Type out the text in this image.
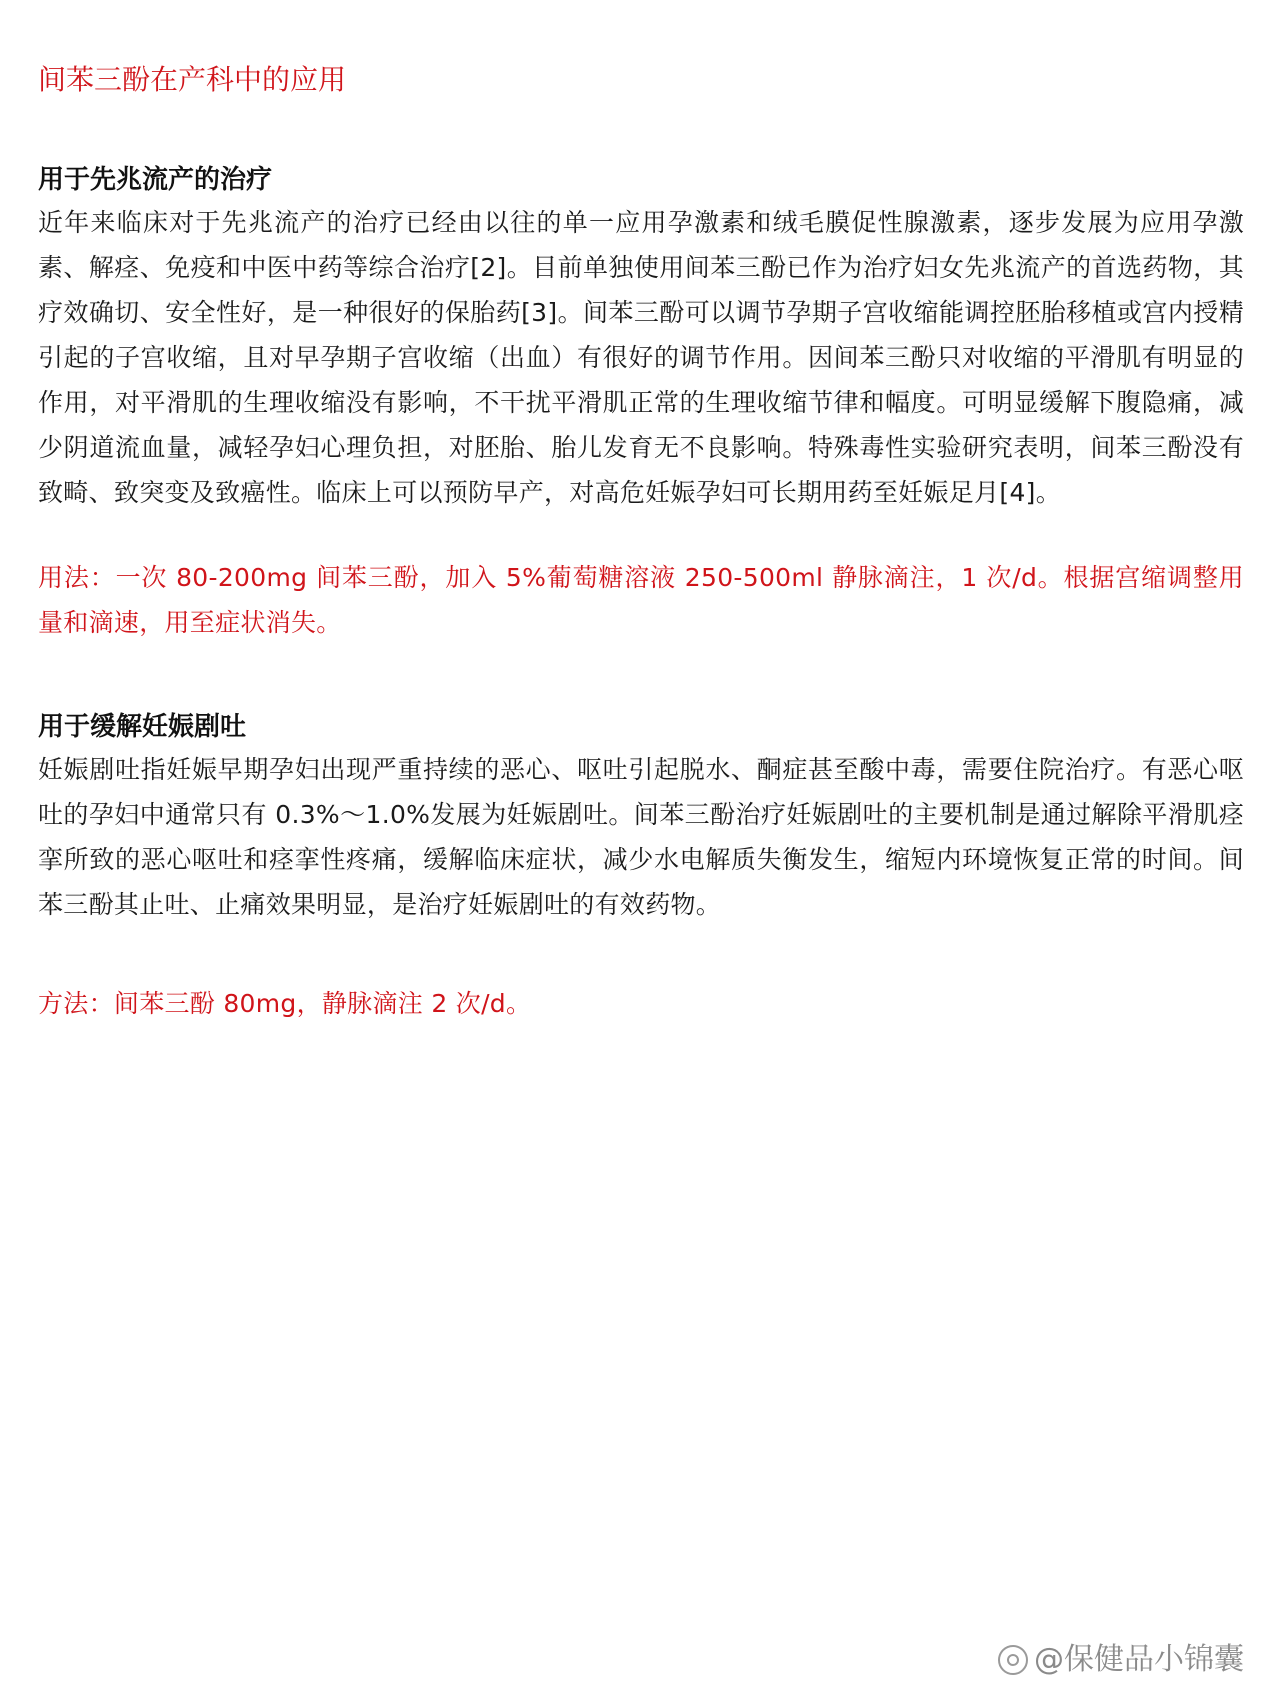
间苯三酚在产科中的应用
用于先兆流产的治疗

近年来临床对于先兆流产的治疗已经由以往的单一应用孕激素和绒毛膜促性腺激素，逐步发展为应用孕激素、解痉、免疫和中医中药等综合治疗[2]。目前单独使用间苯三酚已作为治疗妇女先兆流产的首选药物，其疗效确切、安全性好，是一种很好的保胎药[3]。间苯三酚可以调节孕期子宫收缩能调控胚胎移植或宫内授精引起的子宫收缩，且对早孕期子宫收缩（出血）有很好的调节作用。因间苯三酚只对收缩的平滑肌有明显的作用，对平滑肌的生理收缩没有影响，不干扰平滑肌正常的生理收缩节律和幅度。可明显缓解下腹隐痛，减少阴道流血量，减轻孕妇心理负担，对胚胎、胎儿发育无不良影响。特殊毒性实验研究表明，间苯三酚没有致畸、致突变及致癌性。临床上可以预防早产，对高危妊娠孕妇可长期用药至妊娠足月[4]。

用法：一次 80-200mg 间苯三酚，加入 5%葡萄糖溶液 250-500ml 静脉滴注，1 次/d。根据宫缩调整用量和滴速，用至症状消失。

用于缓解妊娠剧吐

妊娠剧吐指妊娠早期孕妇出现严重持续的恶心、呕吐引起脱水、酮症甚至酸中毒，需要住院治疗。有恶心呕吐的孕妇中通常只有 0.3%～1.0%发展为妊娠剧吐。间苯三酚治疗妊娠剧吐的主要机制是通过解除平滑肌痉挛所致的恶心呕吐和痉挛性疼痛，缓解临床症状，减少水电解质失衡发生，缩短内环境恢复正常的时间。间苯三酚其止吐、止痛效果明显，是治疗妊娠剧吐的有效药物。

方法：间苯三酚 80mg，静脉滴注 2 次/d。

@保健品小锦囊
